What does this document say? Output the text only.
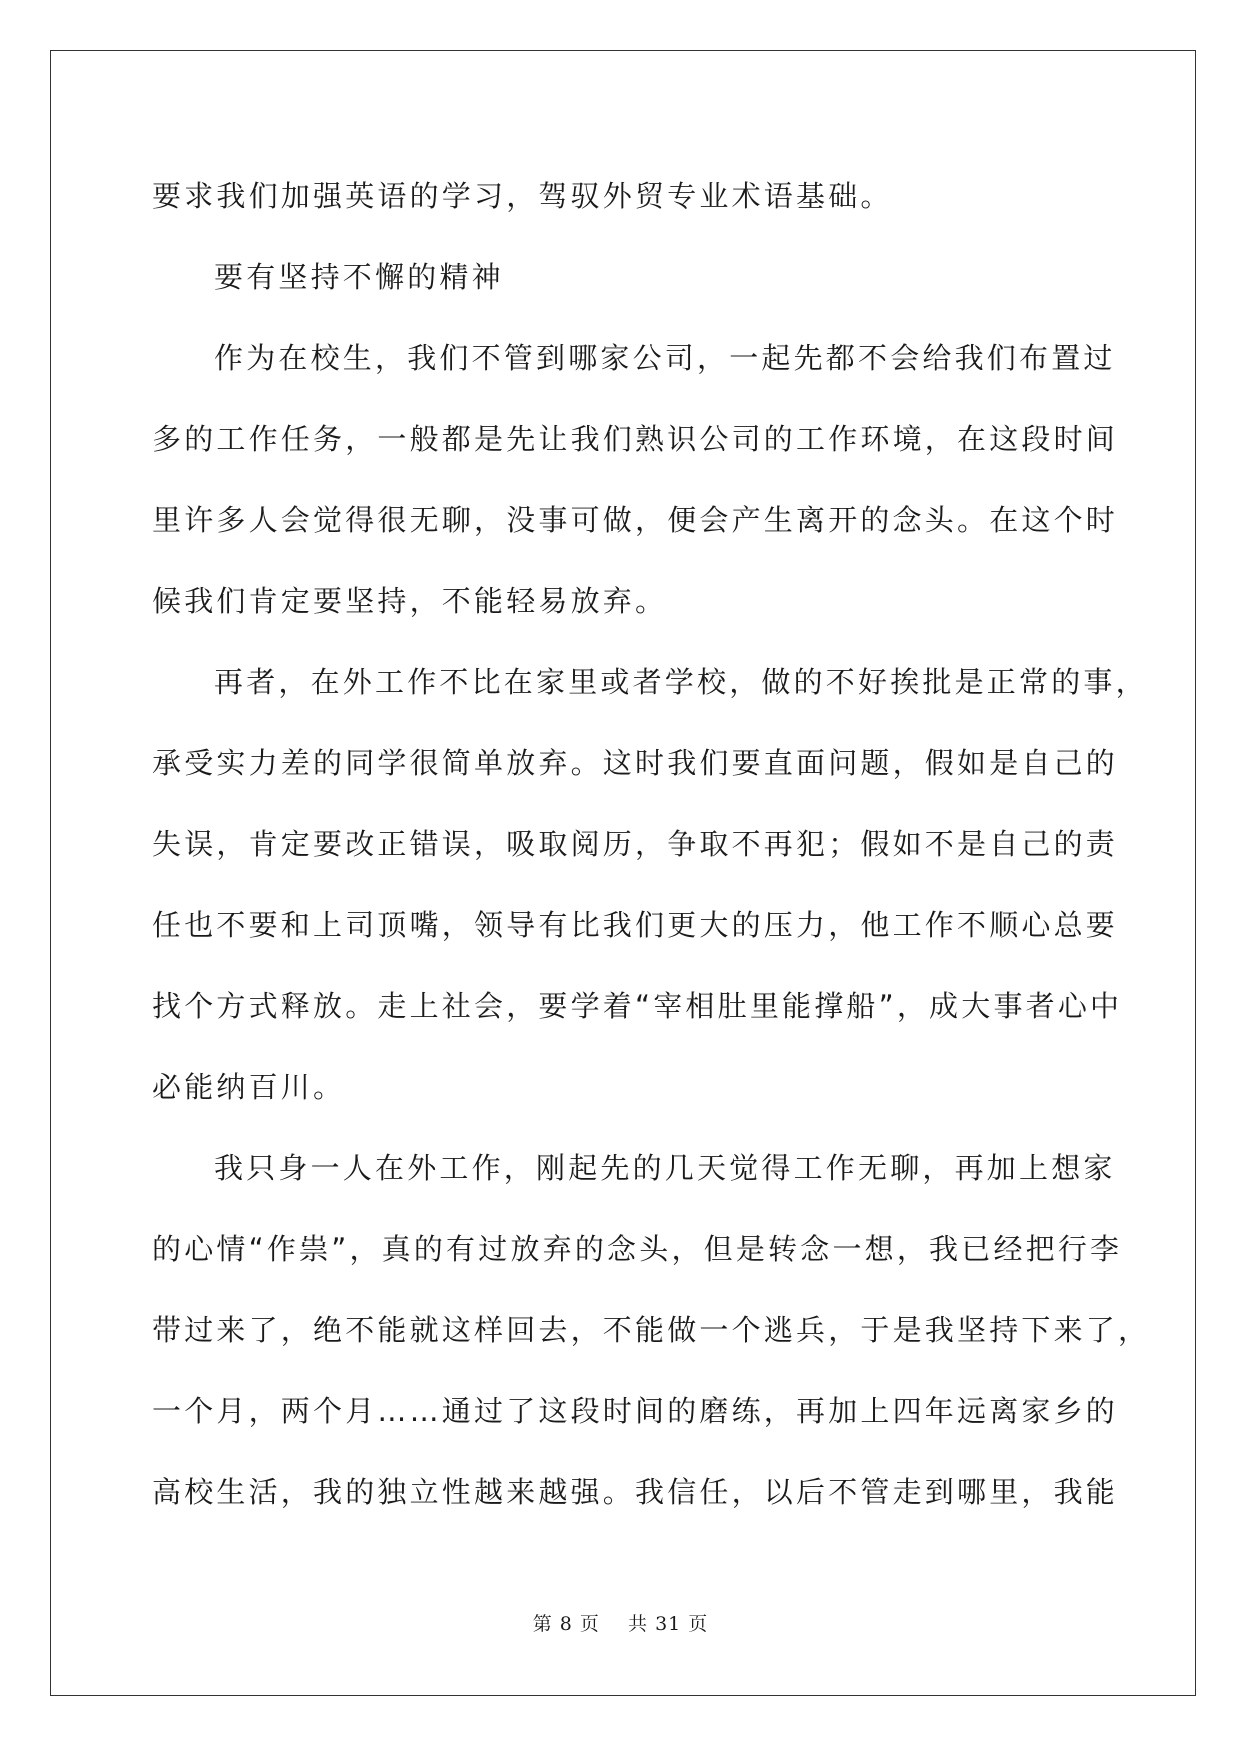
要求我们加强英语的学习，驾驭外贸专业术语基础。

要有坚持不懈的精神

作为在校生，我们不管到哪家公司，一起先都不会给我们布置过

多的工作任务，一般都是先让我们熟识公司的工作环境，在这段时间

里许多人会觉得很无聊，没事可做，便会产生离开的念头。在这个时

候我们肯定要坚持，不能轻易放弃。

再者，在外工作不比在家里或者学校，做的不好挨批是正常的事，

承受实力差的同学很简单放弃。这时我们要直面问题，假如是自己的

失误，肯定要改正错误，吸取阅历，争取不再犯；假如不是自己的责

任也不要和上司顶嘴，领导有比我们更大的压力，他工作不顺心总要

找个方式释放。走上社会，要学着“宰相肚里能撑船”，成大事者心中

必能纳百川。

我只身一人在外工作，刚起先的几天觉得工作无聊，再加上想家

的心情“作祟”，真的有过放弃的念头，但是转念一想，我已经把行李

带过来了，绝不能就这样回去，不能做一个逃兵，于是我坚持下来了，

一个月，两个月……通过了这段时间的磨练，再加上四年远离家乡的

高校生活，我的独立性越来越强。我信任，以后不管走到哪里，我能

第 8 页 共 31 页
